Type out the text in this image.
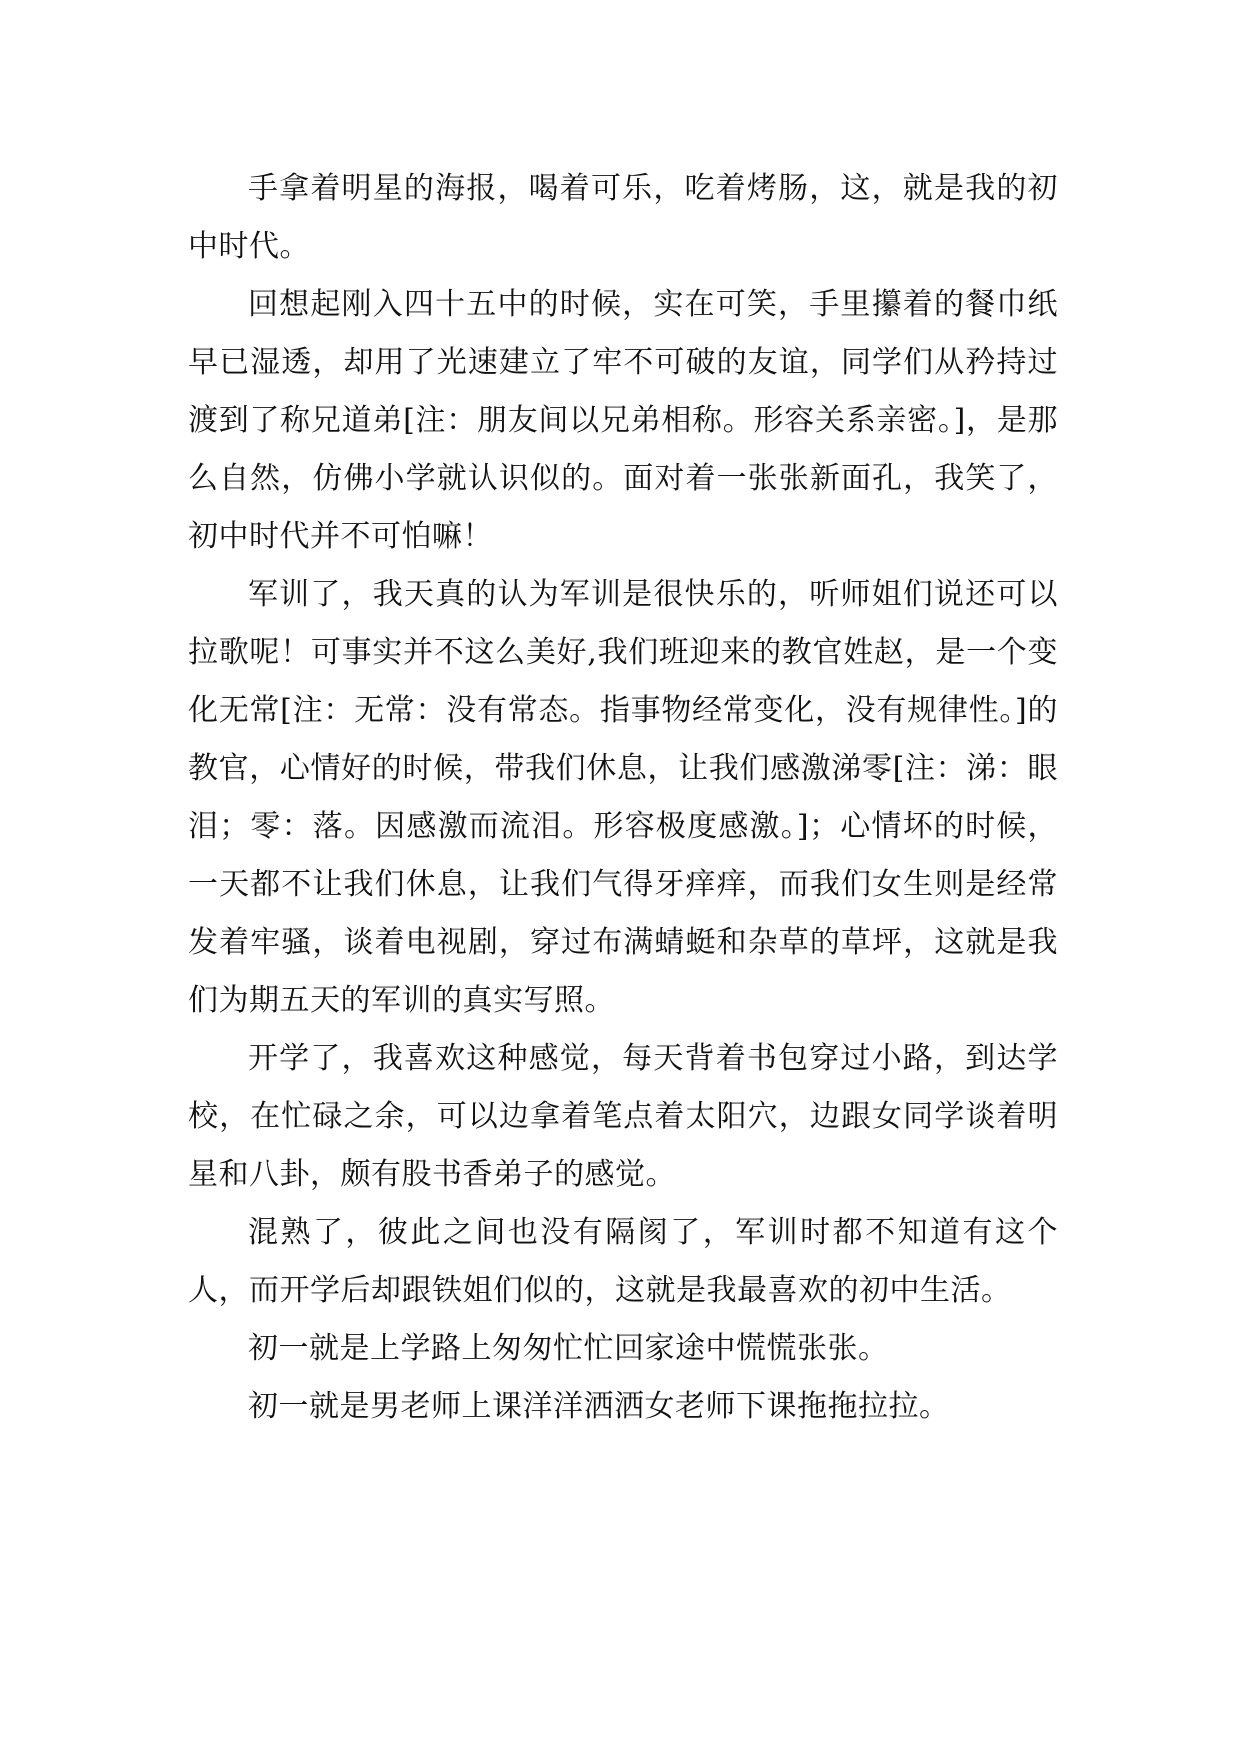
手拿着明星的海报，喝着可乐，吃着烤肠，这，就是我的初中时代。

回想起刚入四十五中的时候，实在可笑，手里攥着的餐巾纸早已湿透，却用了光速建立了牢不可破的友谊，同学们从矜持过渡到了称兄道弟[注：朋友间以兄弟相称。形容关系亲密。]，是那么自然，仿佛小学就认识似的。面对着一张张新面孔，我笑了，初中时代并不可怕嘛！

军训了，我天真的认为军训是很快乐的，听师姐们说还可以拉歌呢！可事实并不这么美好,我们班迎来的教官姓赵，是一个变化无常[注：无常：没有常态。指事物经常变化，没有规律性。]的教官，心情好的时候，带我们休息，让我们感激涕零[注：涕：眼泪；零：落。因感激而流泪。形容极度感激。]；心情坏的时候，一天都不让我们休息，让我们气得牙痒痒，而我们女生则是经常发着牢骚，谈着电视剧，穿过布满蜻蜓和杂草的草坪，这就是我们为期五天的军训的真实写照。

开学了，我喜欢这种感觉，每天背着书包穿过小路，到达学校，在忙碌之余，可以边拿着笔点着太阳穴，边跟女同学谈着明星和八卦，颇有股书香弟子的感觉。

混熟了，彼此之间也没有隔阂了，军训时都不知道有这个人，而开学后却跟铁姐们似的，这就是我最喜欢的初中生活。

初一就是上学路上匆匆忙忙回家途中慌慌张张。

初一就是男老师上课洋洋洒洒女老师下课拖拖拉拉。
